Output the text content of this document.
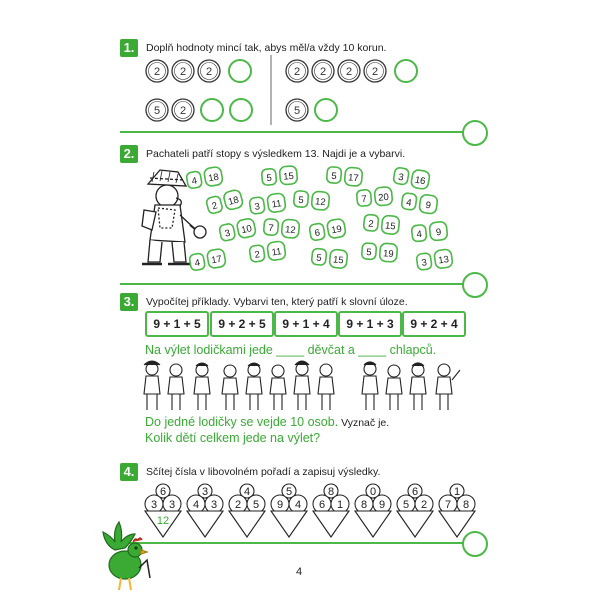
1.	Doplň hodnoty mincí tak, abys měl/a vždy 10 korun.
2 2 2	2 2 2 2
5 2	5
2.	Pachateli patří stopy s výsledkem 13. Najdi je a vybarvi.
4 18	5 15	5 17	3 16
2 18 3 11 5 12	7 20 4 9
3 10 7 12 6 19	2 15
4 9
2 11	5 15	3 13
4 17
5 19
3.	Vypočítej příklady. Vybarvi ten, který patří k slovní úloze.
9 + 1 + 5	9 + 2 + 5	9 + 1 + 4	9 + 1 + 3	9 + 2 + 4
Na výlet lodičkami jede ____ děvčat a ____ chlapců.
Do jedné lodičky se vejde 10 osob. Vyznač je.
Kolik dětí celkem jede na výlet?
4.	Sčítej čísla v libovolném pořadí a zapisuj výsledky.
6
3 3
12
3
4 3
4
2 5
5
9 4
8
6 1
0
8 9
6
5 2
1
7 8
4
